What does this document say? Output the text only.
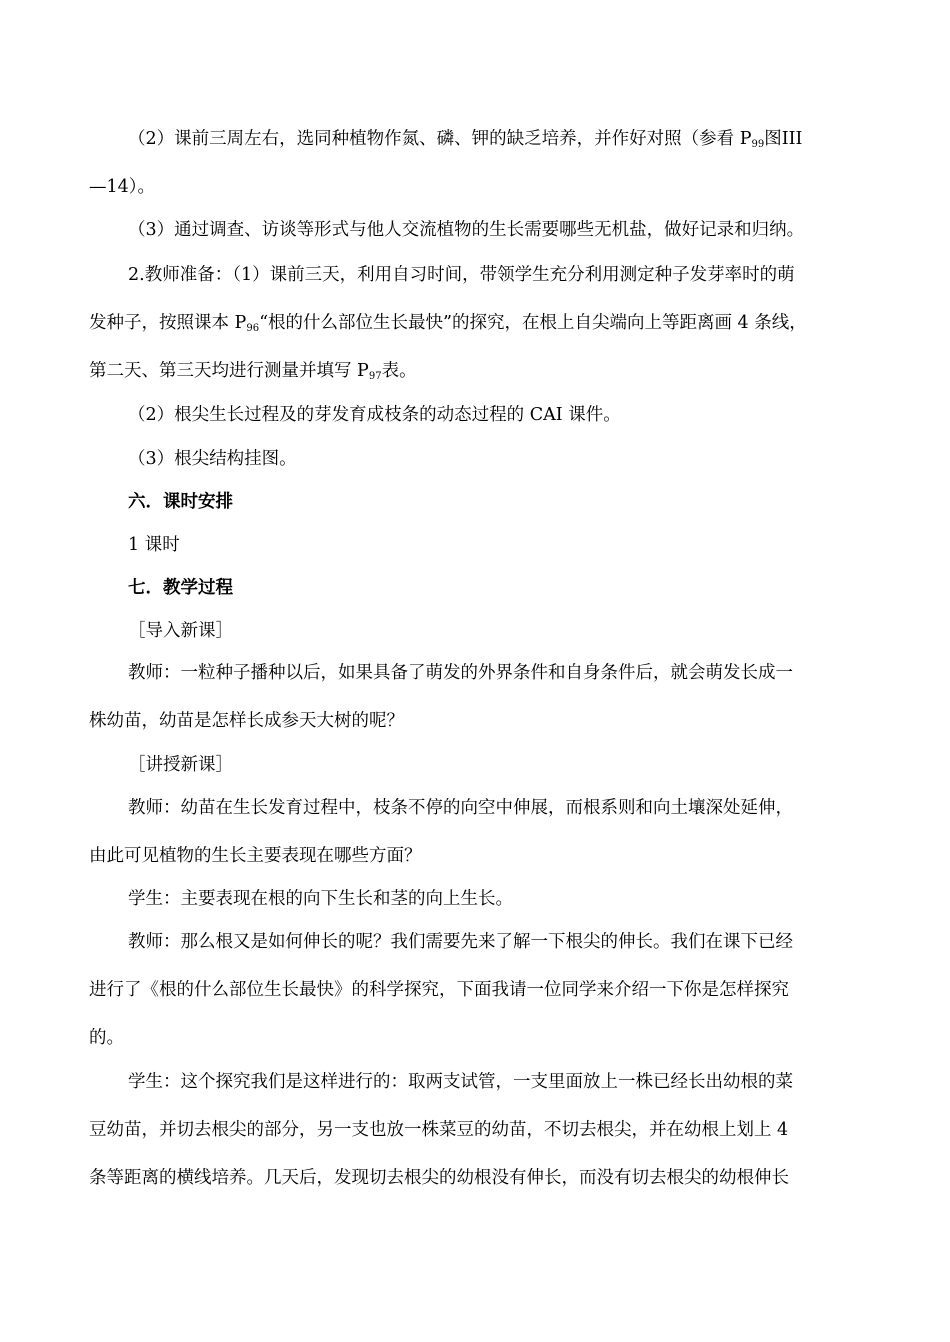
（2）课前三周左右，选同种植物作氮、磷、钾的缺乏培养，并作好对照（参看 $P_{99}$图III

—14）。

（3）通过调查、访谈等形式与他人交流植物的生长需要哪些无机盐，做好记录和归纳。

2.教师准备：（1）课前三天，利用自习时间，带领学生充分利用测定种子发芽率时的萌

发种子，按照课本 $P_{96}“$根的什么部位生长最快”的探究，在根上自尖端向上等距离画 4 条线，

第二天、第三天均进行测量并填写 $P_{97}$表。

（2）根尖生长过程及的芽发育成枝条的动态过程的 CAI 课件。

（3）根尖结构挂图。

六．课时安排

1 课时

七．教学过程

［导入新课］

教师：一粒种子播种以后，如果具备了萌发的外界条件和自身条件后，就会萌发长成一

株幼苗，幼苗是怎样长成参天大树的呢？

［讲授新课］

教师：幼苗在生长发育过程中，枝条不停的向空中伸展，而根系则和向土壤深处延伸，

由此可见植物的生长主要表现在哪些方面？

学生：主要表现在根的向下生长和茎的向上生长。

教师：那么根又是如何伸长的呢？我们需要先来了解一下根尖的伸长。我们在课下已经

进行了《根的什么部位生长最快》的科学探究，下面我请一位同学来介绍一下你是怎样探究

的。

学生：这个探究我们是这样进行的：取两支试管，一支里面放上一株已经长出幼根的菜

豆幼苗，并切去根尖的部分，另一支也放一株菜豆的幼苗，不切去根尖，并在幼根上划上 4

条等距离的横线培养。几天后，发现切去根尖的幼根没有伸长，而没有切去根尖的幼根伸长
